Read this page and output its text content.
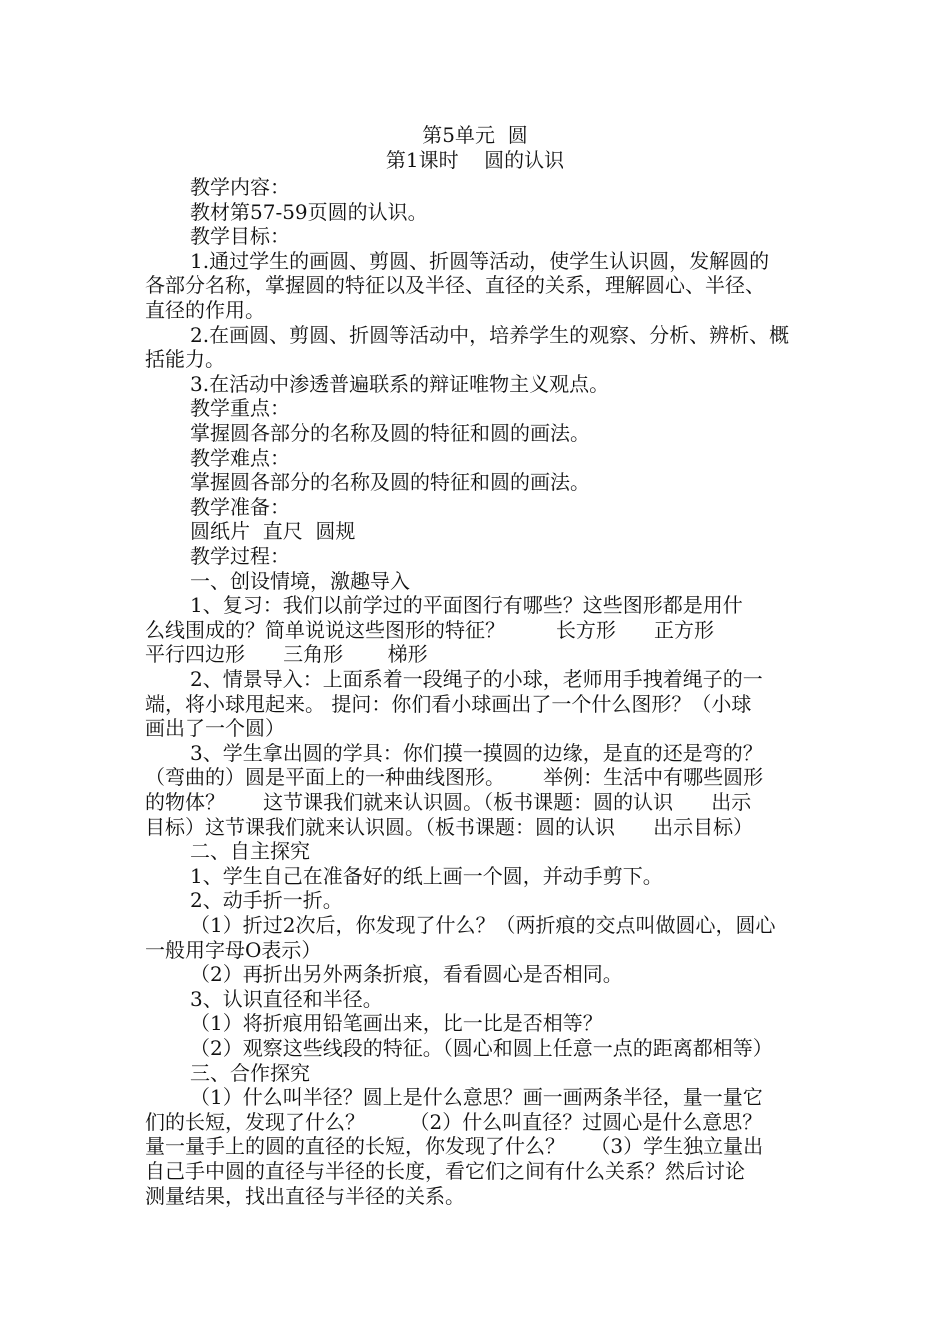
第5单元  圆
第1课时    圆的认识
教学内容：
教材第57-59页圆的认识。
教学目标：
1.通过学生的画圆、剪圆、折圆等活动，使学生认识圆，发解圆的
各部分名称，掌握圆的特征以及半径、直径的关系，理解圆心、半径、
直径的作用。
2.在画圆、剪圆、折圆等活动中，培养学生的观察、分析、辨析、概
括能力。
3.在活动中渗透普遍联系的辩证唯物主义观点。
教学重点：
掌握圆各部分的名称及圆的特征和圆的画法。
教学难点：
掌握圆各部分的名称及圆的特征和圆的画法。
教学准备：
圆纸片  直尺  圆规
教学过程：
一、创设情境，激趣导入
1、复习：我们以前学过的平面图行有哪些？这些图形都是用什
么线围成的？简单说说这些图形的特征？        长方形      正方形
平行四边形      三角形       梯形
2、情景导入：上面系着一段绳子的小球，老师用手拽着绳子的一
端，将小球甩起来。 提问：你们看小球画出了一个什么图形？（小球
画出了一个圆）
3、学生拿出圆的学具：你们摸一摸圆的边缘，是直的还是弯的？
（弯曲的）圆是平面上的一种曲线图形。      举例：生活中有哪些圆形
的物体？      这节课我们就来认识圆。（板书课题：圆的认识      出示
目标）这节课我们就来认识圆。（板书课题：圆的认识      出示目标）
二、自主探究
1、学生自己在准备好的纸上画一个圆，并动手剪下。
2、动手折一折。
（1）折过2次后，你发现了什么？（两折痕的交点叫做圆心，圆心
一般用字母O表示）
（2）再折出另外两条折痕，看看圆心是否相同。
3、认识直径和半径。
（1）将折痕用铅笔画出来，比一比是否相等？
（2）观察这些线段的特征。（圆心和圆上任意一点的距离都相等）
三、合作探究
（1）什么叫半径？圆上是什么意思？画一画两条半径，量一量它
们的长短，发现了什么？       （2）什么叫直径？过圆心是什么意思？
量一量手上的圆的直径的长短，你发现了什么？    （3）学生独立量出
自己手中圆的直径与半径的长度，看它们之间有什么关系？然后讨论
测量结果，找出直径与半径的关系。
